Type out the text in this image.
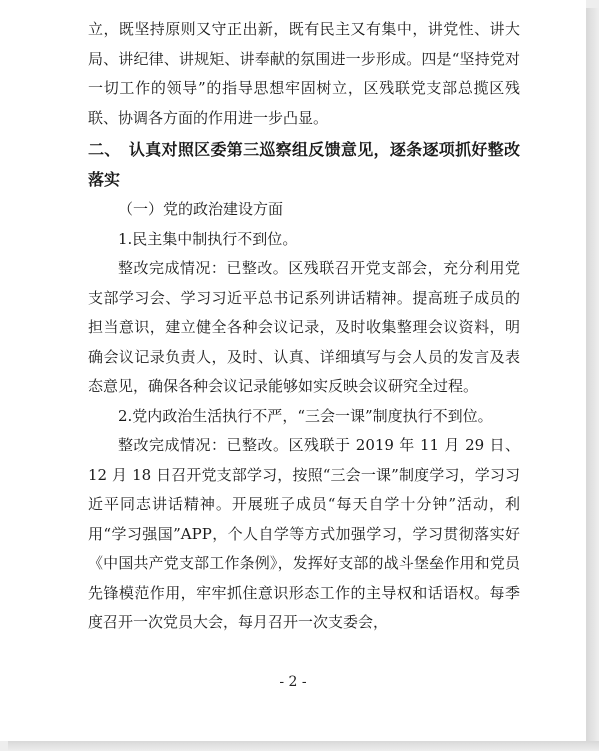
立，既坚持原则又守正出新，既有民主又有集中，讲党性、讲大局、讲纪律、讲规矩、讲奉献的氛围进一步形成。四是“坚持党对一切工作的领导”的指导思想牢固树立，区残联党支部总揽区残联、协调各方面的作用进一步凸显。

二、　认真对照区委第三巡察组反馈意见，逐条逐项抓好整改落实

（一）党的政治建设方面

1.民主集中制执行不到位。

整改完成情况：已整改。区残联召开党支部会，充分利用党支部学习会、学习习近平总书记系列讲话精神。提高班子成员的担当意识，建立健全各种会议记录，及时收集整理会议资料，明确会议记录负责人，及时、认真、详细填写与会人员的发言及表态意见，确保各种会议记录能够如实反映会议研究全过程。

2.党内政治生活执行不严，“三会一课”制度执行不到位。

整改完成情况：已整改。区残联于 2019 年 11 月 29 日、12 月 18 日召开党支部学习，按照“三会一课”制度学习，学习习近平同志讲话精神。开展班子成员“每天自学十分钟”活动，利用“学习强国”APP，个人自学等方式加强学习，学习贯彻落实好《中国共产党支部工作条例》，发挥好支部的战斗堡垒作用和党员先锋模范作用，牢牢抓住意识形态工作的主导权和话语权。每季度召开一次党员大会，每月召开一次支委会，

- 2 -
